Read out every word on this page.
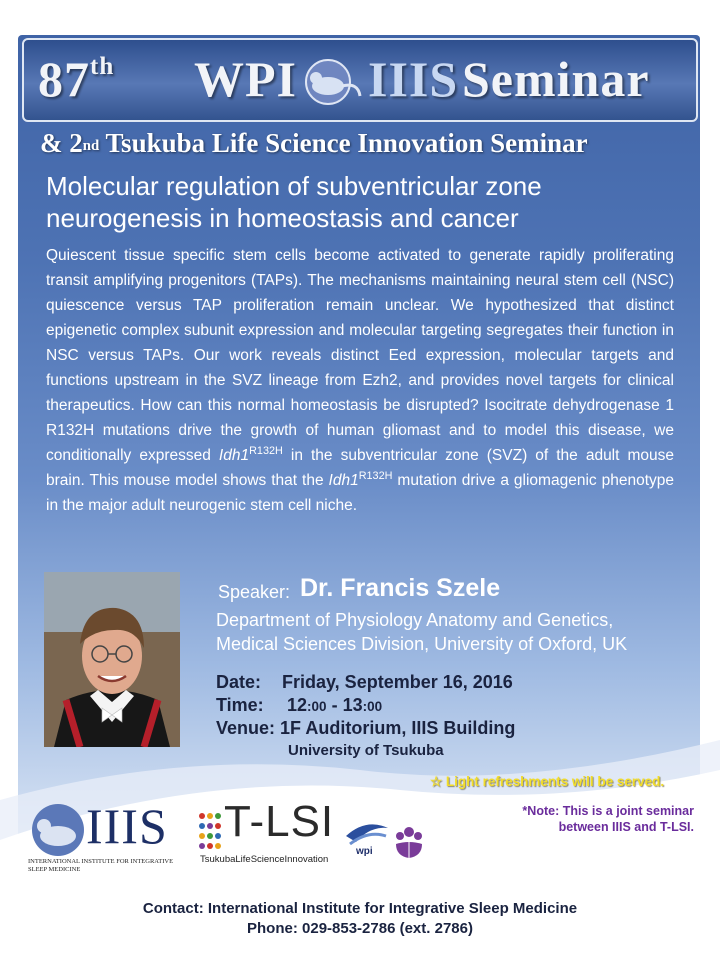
87th WPI IIIS Seminar
& 2nd Tsukuba Life Science Innovation Seminar
Molecular regulation of subventricular zone neurogenesis in homeostasis and cancer
Quiescent tissue specific stem cells become activated to generate rapidly proliferating transit amplifying progenitors (TAPs). The mechanisms maintaining neural stem cell (NSC) quiescence versus TAP proliferation remain unclear. We hypothesized that distinct epigenetic complex subunit expression and molecular targeting segregates their function in NSC versus TAPs. Our work reveals distinct Eed expression, molecular targets and functions upstream in the SVZ lineage from Ezh2, and provides novel targets for clinical therapeutics. How can this normal homeostasis be disrupted? Isocitrate dehydrogenase 1 R132H mutations drive the growth of human gliomast and to model this disease, we conditionally expressed $Idh1^{R132H}$ in the subventricular zone (SVZ) of the adult mouse brain. This mouse model shows that the $Idh1^{R132H}$ mutation drive a gliomagenic phenotype in the major adult neurogenic stem cell niche.
Speaker: Dr. Francis Szele
Department of Physiology Anatomy and Genetics,
Medical Sciences Division, University of Oxford, UK
Date: Friday, September 16, 2016
Time: 12:00 - 13:00
Venue: 1F Auditorium, IIIS Building
University of Tsukuba
☆ Light refreshments will be served.
*Note: This is a joint seminar
between IIIS and T-LSI.
IIIS
INTERNATIONAL INSTITUTE FOR INTEGRATIVE
SLEEP MEDICINE
T-LSI
TsukubaLifeScienceInnovation
wpi
Contact: International Institute for Integrative Sleep Medicine
Phone: 029-853-2786 (ext. 2786)
